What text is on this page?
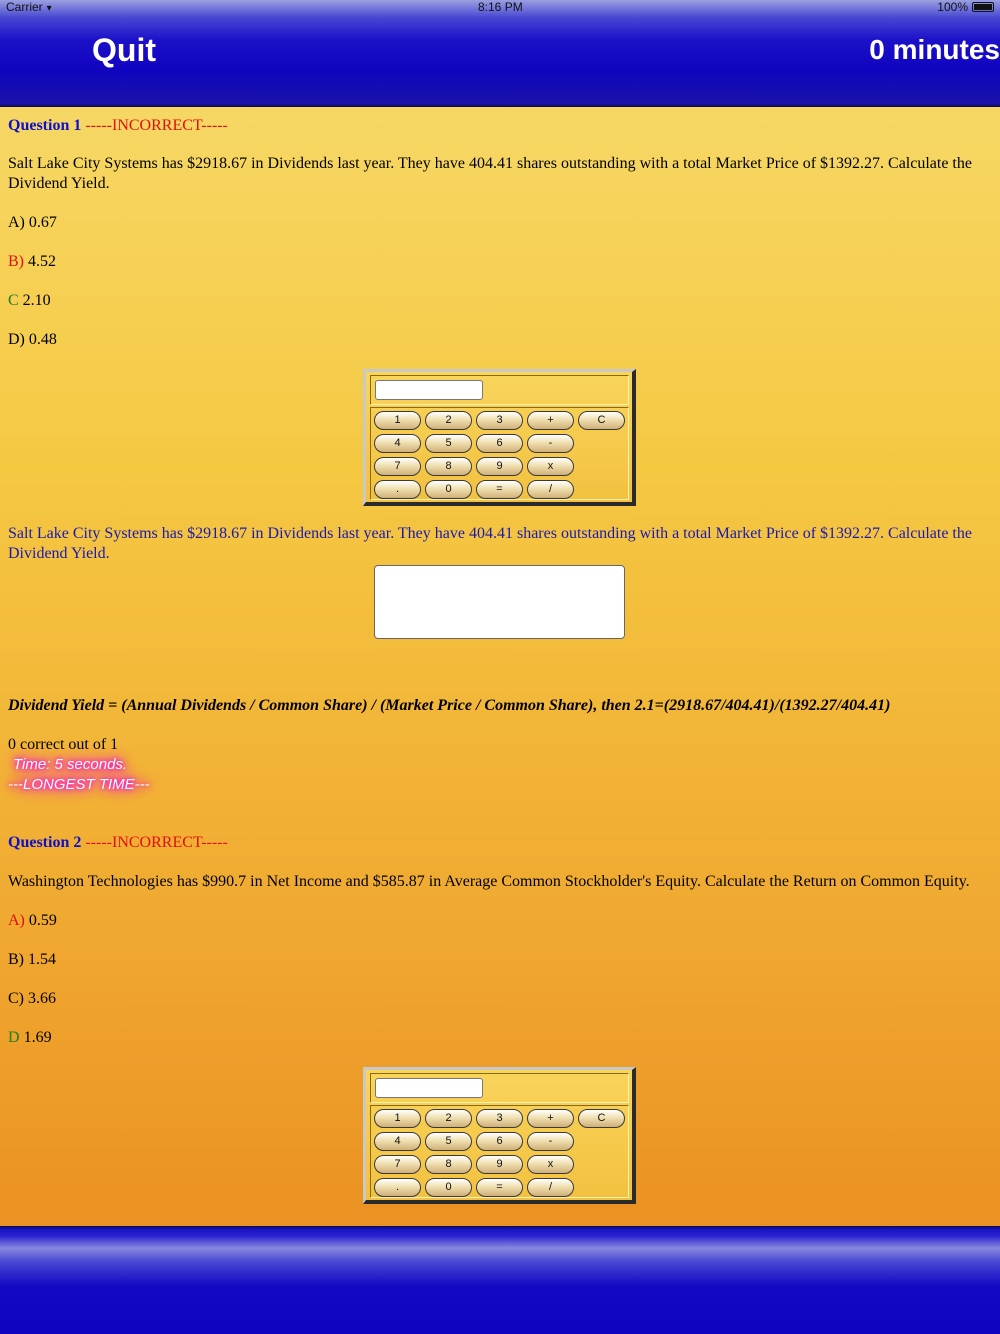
Carrier ▾	8:16 PM	100%
Quit	0 minutes
Question 1 -----INCORRECT-----
Salt Lake City Systems has $2918.67 in Dividends last year. They have 404.41 shares outstanding with a total Market Price of $1392.27. Calculate the Dividend Yield.
A) 0.67
B) 4.52
C 2.10
D) 0.48
1	2	3	+	C
4	5	6	-
7	8	9	x
.	0	=	/
Salt Lake City Systems has $2918.67 in Dividends last year. They have 404.41 shares outstanding with a total Market Price of $1392.27. Calculate the Dividend Yield.
Dividend Yield = (Annual Dividends / Common Share) / (Market Price / Common Share), then 2.1=(2918.67/404.41)/(1392.27/404.41)
0 correct out of 1
Time: 5 seconds.
---LONGEST TIME---
Question 2 -----INCORRECT-----
Washington Technologies has $990.7 in Net Income and $585.87 in Average Common Stockholder's Equity. Calculate the Return on Common Equity.
A) 0.59
B) 1.54
C) 3.66
D 1.69
1	2	3	+	C
4	5	6	-
7	8	9	x
.	0	=	/
